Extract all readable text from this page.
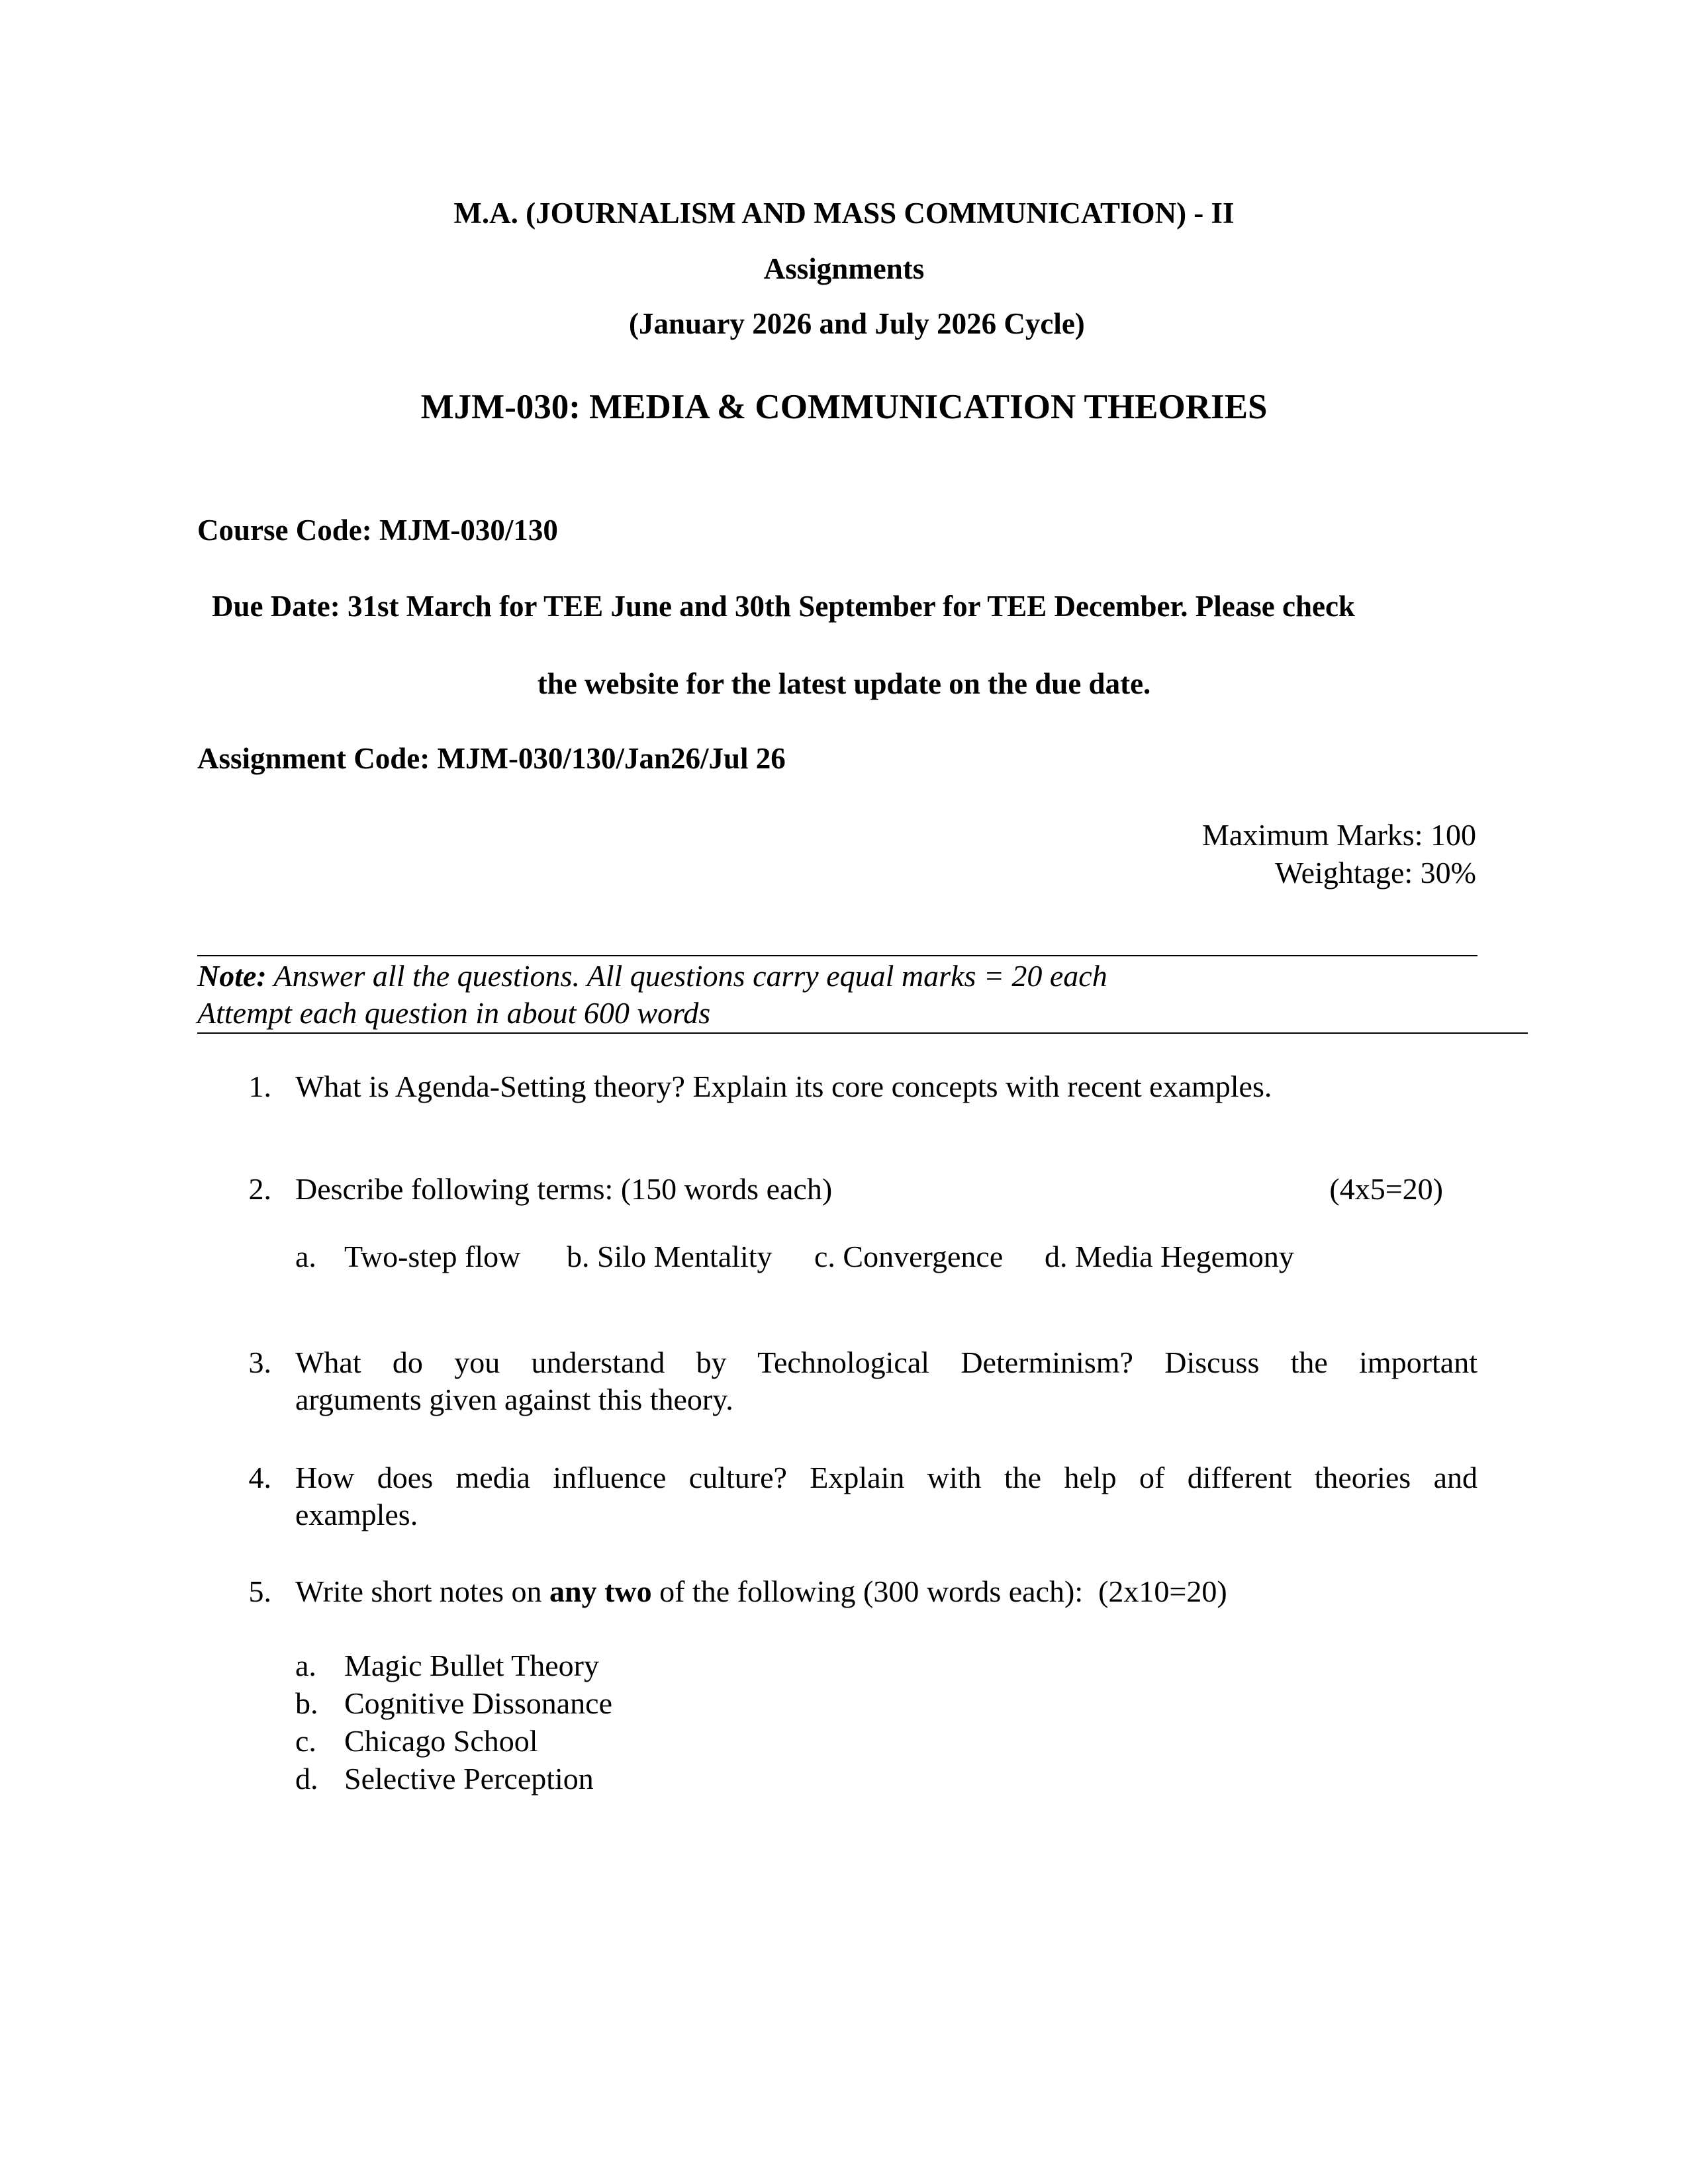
M.A. (JOURNALISM AND MASS COMMUNICATION) - II
Assignments
(January 2026 and July 2026 Cycle)
MJM-030: MEDIA & COMMUNICATION THEORIES
Course Code: MJM-030/130
Due Date: 31st March for TEE June and 30th September for TEE December. Please check
the website for the latest update on the due date.
Assignment Code: MJM-030/130/Jan26/Jul 26
Maximum Marks: 100
Weightage: 30%
Note: Answer all the questions. All questions carry equal marks = 20 each
Attempt each question in about 600 words
1. What is Agenda-Setting theory? Explain its core concepts with recent examples.
2. Describe following terms: (150 words each)	(4x5=20)
a. Two-step flow b. Silo Mentality c. Convergence d. Media Hegemony
3. What do you understand by Technological Determinism? Discuss the important
arguments given against this theory.
4. How does media influence culture? Explain with the help of different theories and
examples.
5. Write short notes on any two of the following (300 words each):  (2x10=20)
a. Magic Bullet Theory
b. Cognitive Dissonance
c. Chicago School
d. Selective Perception
